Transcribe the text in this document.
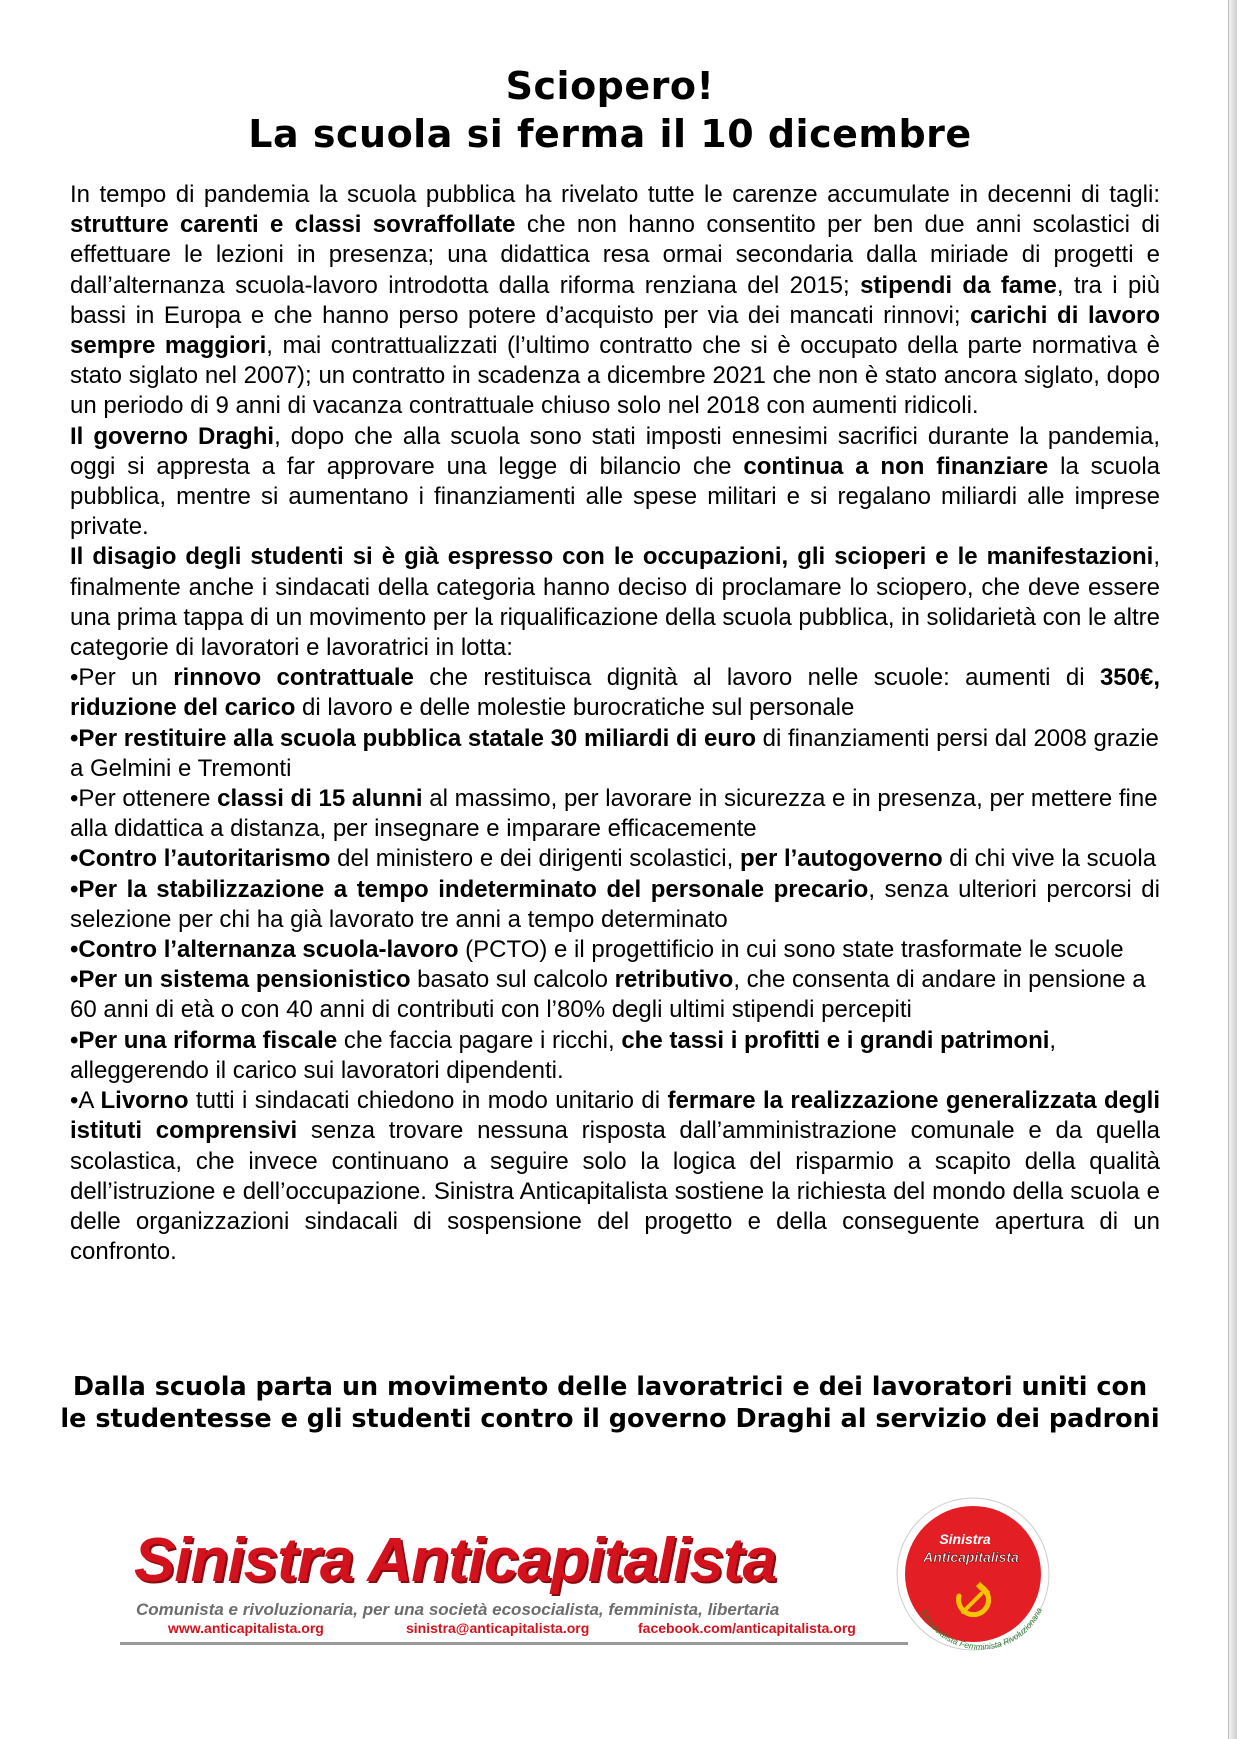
Sciopero!
La scuola si ferma il 10 dicembre

In tempo di pandemia la scuola pubblica ha rivelato tutte le carenze accumulate in decenni di tagli: strutture carenti e classi sovraffollate che non hanno consentito per ben due anni scolastici di effettuare le lezioni in presenza; una didattica resa ormai secondaria dalla miriade di progetti e dall’alternanza scuola-lavoro introdotta dalla riforma renziana del 2015; stipendi da fame, tra i più bassi in Europa e che hanno perso potere d’acquisto per via dei mancati rinnovi; carichi di lavoro sempre maggiori, mai contrattualizzati (l’ultimo contratto che si è occupato della parte normativa è stato siglato nel 2007); un contratto in scadenza a dicembre 2021 che non è stato ancora siglato, dopo un periodo di 9 anni di vacanza contrattuale chiuso solo nel 2018 con aumenti ridicoli.

Il governo Draghi, dopo che alla scuola sono stati imposti ennesimi sacrifici durante la pandemia, oggi si appresta a far approvare una legge di bilancio che continua a non finanziare la scuola pubblica, mentre si aumentano i finanziamenti alle spese militari e si regalano miliardi alle imprese private.

Il disagio degli studenti si è già espresso con le occupazioni, gli scioperi e le manifestazioni, finalmente anche i sindacati della categoria hanno deciso di proclamare lo sciopero, che deve essere una prima tappa di un movimento per la riqualificazione della scuola pubblica, in solidarietà con le altre categorie di lavoratori e lavoratrici in lotta:

•Per un rinnovo contrattuale che restituisca dignità al lavoro nelle scuole: aumenti di 350€, riduzione del carico di lavoro e delle molestie burocratiche sul personale

•Per restituire alla scuola pubblica statale 30 miliardi di euro di finanziamenti persi dal 2008 grazie a Gelmini e Tremonti

•Per ottenere classi di 15 alunni al massimo, per lavorare in sicurezza e in presenza, per mettere fine alla didattica a distanza, per insegnare e imparare efficacemente

•Contro l’autoritarismo del ministero e dei dirigenti scolastici, per l’autogoverno di chi vive la scuola

•Per la stabilizzazione a tempo indeterminato del personale precario, senza ulteriori percorsi di selezione per chi ha già lavorato tre anni a tempo determinato

•Contro l’alternanza scuola-lavoro (PCTO) e il progettificio in cui sono state trasformate le scuole

•Per un sistema pensionistico basato sul calcolo retributivo, che consenta di andare in pensione a 60 anni di età o con 40 anni di contributi con l’80% degli ultimi stipendi percepiti

•Per una riforma fiscale che faccia pagare i ricchi, che tassi i profitti e i grandi patrimoni, alleggerendo il carico sui lavoratori dipendenti.

•A Livorno tutti i sindacati chiedono in modo unitario di fermare la realizzazione generalizzata degli istituti comprensivi senza trovare nessuna risposta dall’amministrazione comunale e da quella scolastica, che invece continuano a seguire solo la logica del risparmio a scapito della qualità dell’istruzione e dell’occupazione. Sinistra Anticapitalista sostiene la richiesta del mondo della scuola e delle organizzazioni sindacali di sospensione del progetto e della conseguente apertura di un confronto.

Dalla scuola parta un movimento delle lavoratrici e dei lavoratori uniti con le studentesse e gli studenti contro il governo Draghi al servizio dei padroni
Sinistra Anticapitalista
Comunista e rivoluzionaria, per una società ecosocialista, femminista, libertaria
www.anticapitalista.org	sinistra@anticapitalista.org	facebook.com/anticapitalista.org
Sinistra
Anticapitalista
Ecosocialista Femminista Rivoluzionaria
